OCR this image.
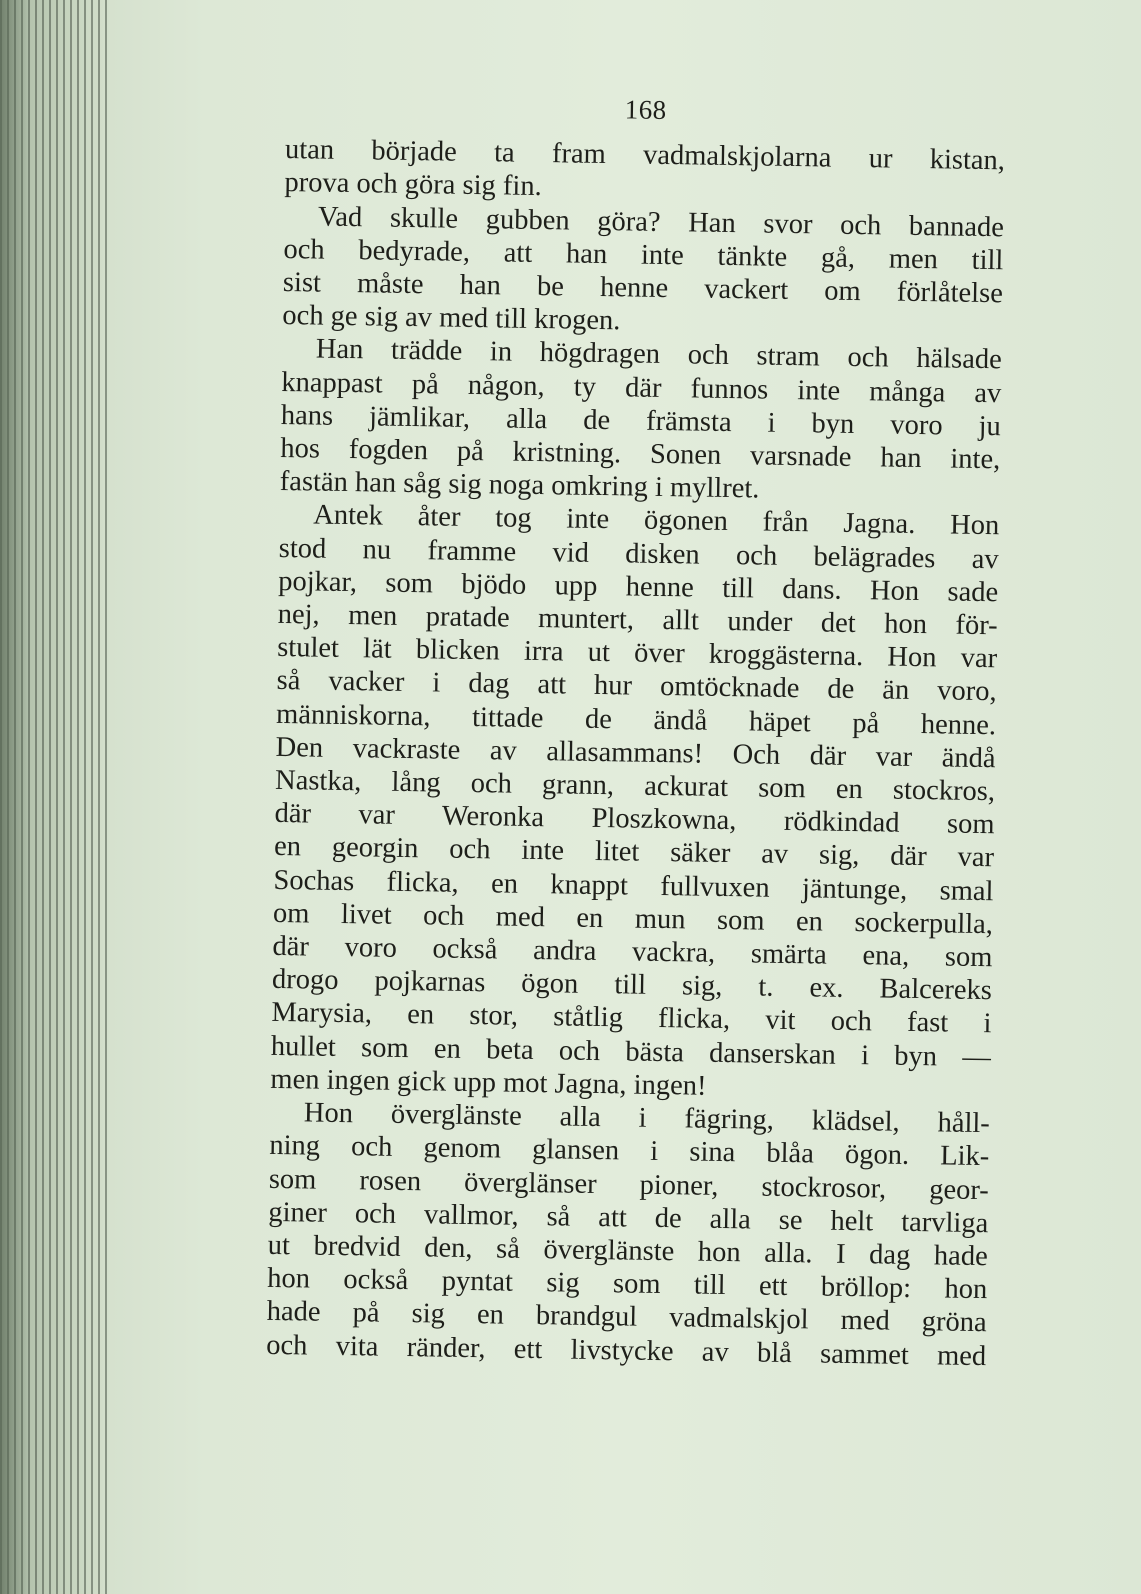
168
utan började ta fram vadmalskjolarna ur kistan,
prova och göra sig fin.
Vad skulle gubben göra? Han svor och bannade
och bedyrade, att han inte tänkte gå, men till
sist måste han be henne vackert om förlåtelse
och ge sig av med till krogen.
Han trädde in högdragen och stram och hälsade
knappast på någon, ty där funnos inte många av
hans jämlikar, alla de främsta i byn voro ju
hos fogden på kristning. Sonen varsnade han inte,
fastän han såg sig noga omkring i myllret.
Antek åter tog inte ögonen från Jagna. Hon
stod nu framme vid disken och belägrades av
pojkar, som bjödo upp henne till dans. Hon sade
nej, men pratade muntert, allt under det hon för-
stulet lät blicken irra ut över kroggästerna. Hon var
så vacker i dag att hur omtöcknade de än voro,
människorna, tittade de ändå häpet på henne.
Den vackraste av allasammans! Och där var ändå
Nastka, lång och grann, ackurat som en stockros,
där var Weronka Ploszkowna, rödkindad som
en georgin och inte litet säker av sig, där var
Sochas flicka, en knappt fullvuxen jäntunge, smal
om livet och med en mun som en sockerpulla,
där voro också andra vackra, smärta ena, som
drogo pojkarnas ögon till sig, t. ex. Balcereks
Marysia, en stor, ståtlig flicka, vit och fast i
hullet som en beta och bästa danserskan i byn —
men ingen gick upp mot Jagna, ingen!
Hon överglänste alla i fägring, klädsel, håll-
ning och genom glansen i sina blåa ögon. Lik-
som rosen överglänser pioner, stockrosor, geor-
giner och vallmor, så att de alla se helt tarvliga
ut bredvid den, så överglänste hon alla. I dag hade
hon också pyntat sig som till ett bröllop: hon
hade på sig en brandgul vadmalskjol med gröna
och vita ränder, ett livstycke av blå sammet med
